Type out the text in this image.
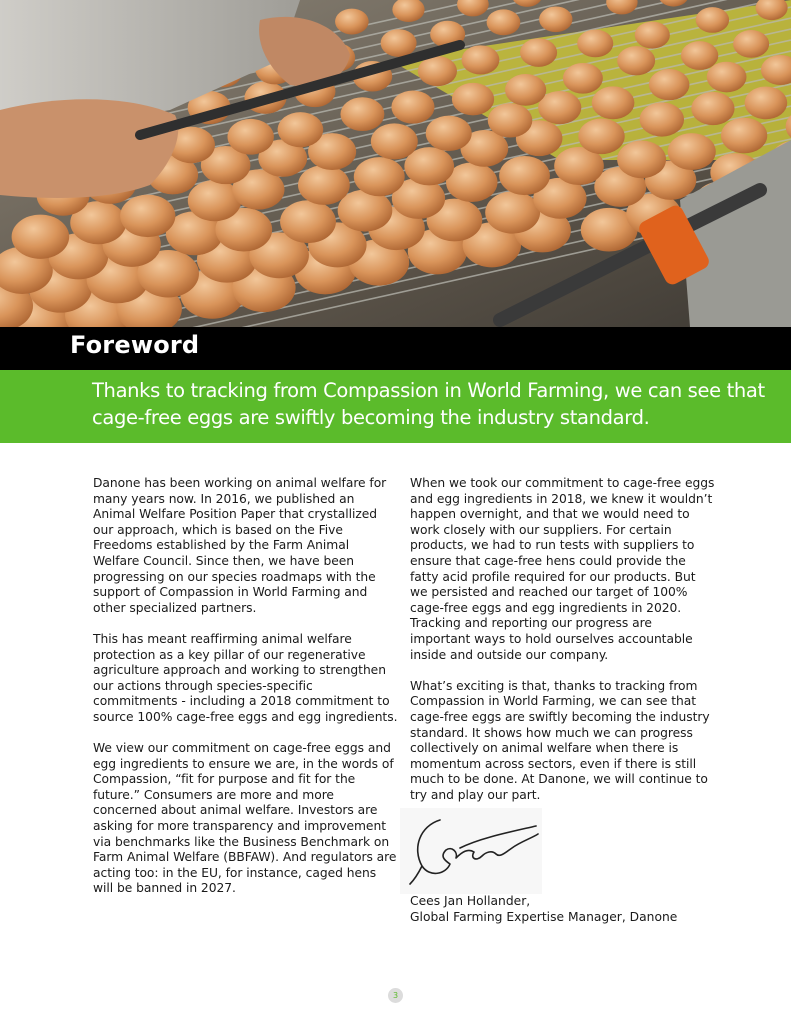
Foreword

Thanks to tracking from Compassion in World Farming, we can see that cage-free eggs are swiftly becoming the industry standard.

Danone has been working on animal welfare for many years now. In 2016, we published an Animal Welfare Position Paper that crystallized our approach, which is based on the Five Freedoms established by the Farm Animal Welfare Council. Since then, we have been progressing on our species roadmaps with the support of Compassion in World Farming and other specialized partners.

This has meant reaffirming animal welfare protection as a key pillar of our regenerative agriculture approach and working to strengthen our actions through species-specific commitments - including a 2018 commitment to source 100% cage-free eggs and egg ingredients.

We view our commitment on cage-free eggs and egg ingredients to ensure we are, in the words of Compassion, “fit for purpose and fit for the future.” Consumers are more and more concerned about animal welfare. Investors are asking for more transparency and improvement via benchmarks like the Business Benchmark on Farm Animal Welfare (BBFAW). And regulators are acting too: in the EU, for instance, caged hens will be banned in 2027.

When we took our commitment to cage-free eggs and egg ingredients in 2018, we knew it wouldn’t happen overnight, and that we would need to work closely with our suppliers. For certain products, we had to run tests with suppliers to ensure that cage-free hens could provide the fatty acid profile required for our products. But we persisted and reached our target of 100% cage-free eggs and egg ingredients in 2020. Tracking and reporting our progress are important ways to hold ourselves accountable inside and outside our company.

What’s exciting is that, thanks to tracking from Compassion in World Farming, we can see that cage-free eggs are swiftly becoming the industry standard. It shows how much we can progress collectively on animal welfare when there is momentum across sectors, even if there is still much to be done. At Danone, we will continue to try and play our part.

Cees Jan Hollander,
Global Farming Expertise Manager, Danone
3
